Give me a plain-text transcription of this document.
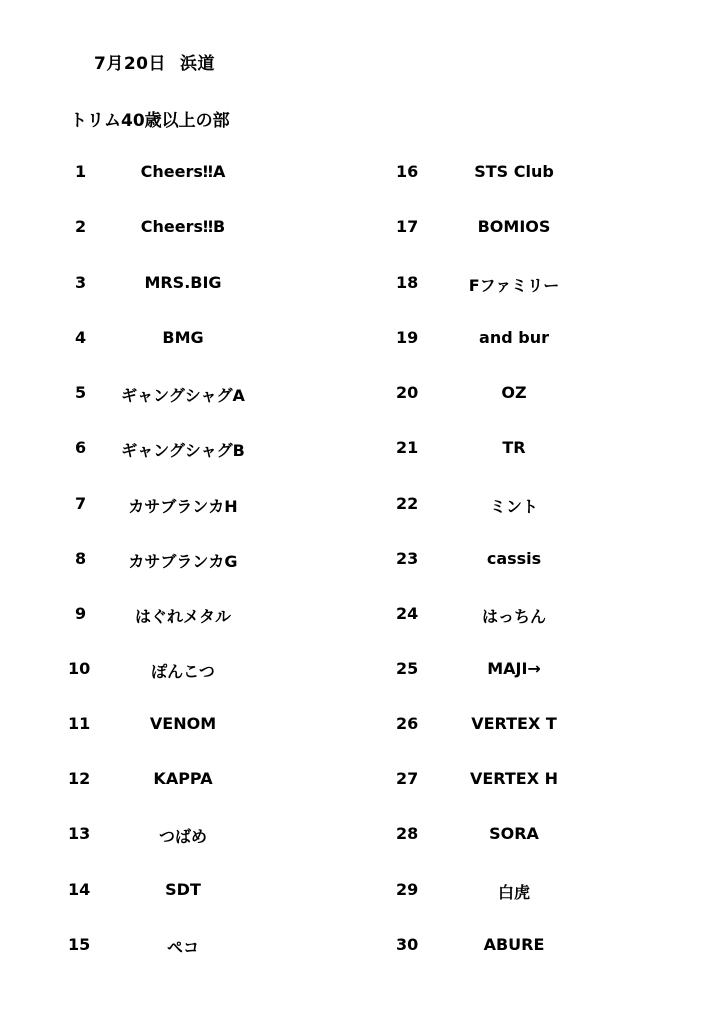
7月20日 浜道
トリム40歳以上の部
1	Cheers‼A
2	Cheers‼B
3	MRS.BIG
4	BMG
5	ギャングシャグA
6	ギャングシャグB
7	カサブランカH
8	カサブランカG
9	はぐれメタル
10	ぽんこつ
11	VENOM
12	KAPPA
13	つばめ
14	SDT
15	ペコ
16	STS Club
17	BOMIOS
18	Fファミリー
19	and bur
20	OZ
21	TR
22	ミント
23	cassis
24	はっちん
25	MAJI→
26	VERTEX T
27	VERTEX H
28	SORA
29	白虎
30	ABURE
